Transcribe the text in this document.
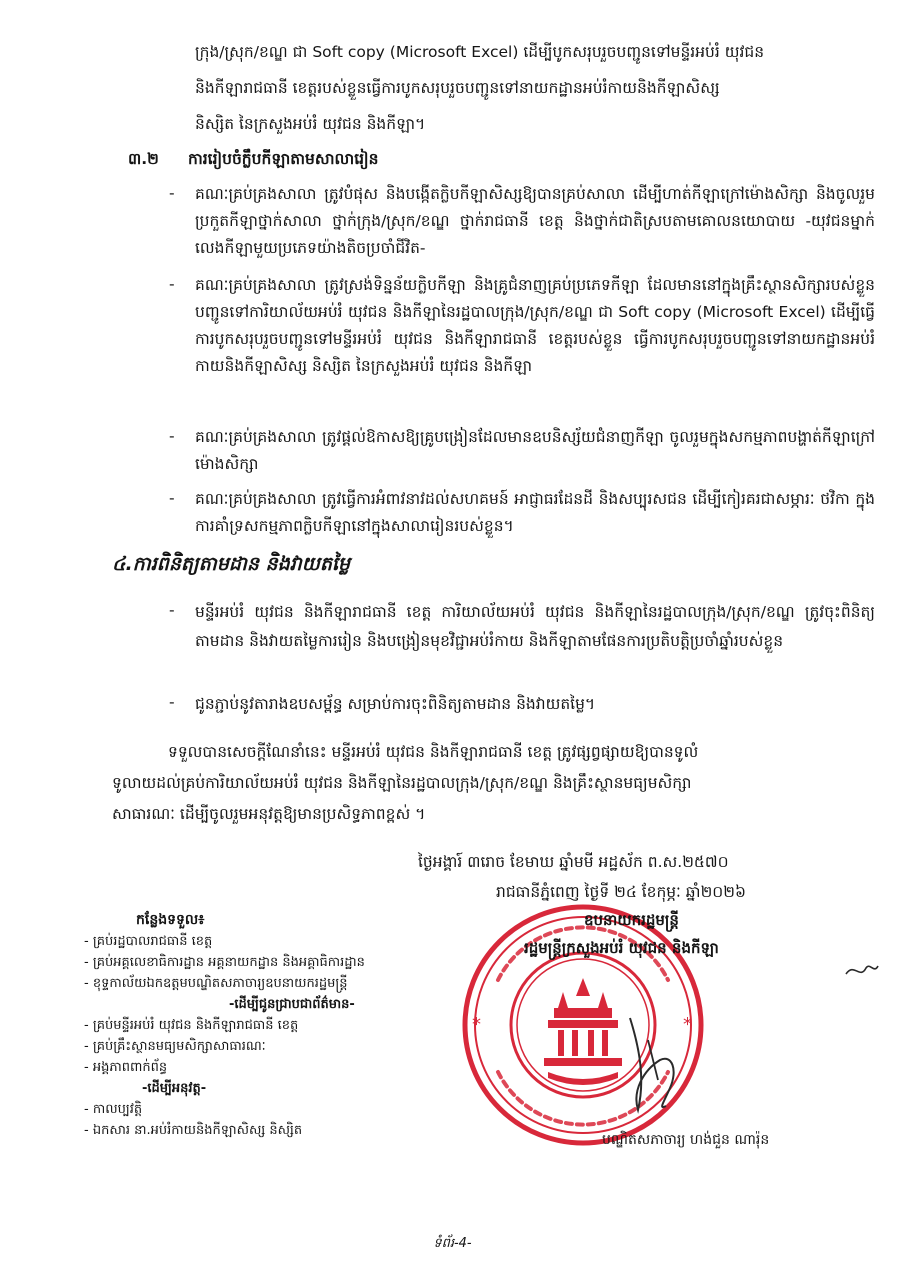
ក្រុង/ស្រុក/ខណ្ឌ ជា Soft copy (Microsoft Excel) ដើម្បីបូកសរុបរួចបញ្ជូនទៅមន្ទីរអប់រំ យុវជន
និងកីឡារាជធានី ខេត្តរបស់ខ្លួនធ្វើការបូកសរុបរួចបញ្ជូនទៅនាយកដ្ឋានអប់រំកាយនិងកីឡាសិស្ស
និស្សិត នៃក្រសួងអប់រំ យុវជន និងកីឡា។
៣.២ ការរៀបចំក្លឹបកីឡាតាមសាលារៀន
- គណៈគ្រប់គ្រងសាលា ត្រូវបំផុស និងបង្កើតក្លិបកីឡាសិស្សឱ្យបានគ្រប់សាលា ដើម្បីហាត់កីឡាក្រៅម៉ោងសិក្សា និងចូលរួមប្រកួតកីឡាថ្នាក់សាលា ថ្នាក់ក្រុង/ស្រុក/ខណ្ឌ ថ្នាក់រាជធានី ខេត្ត និងថ្នាក់ជាតិស្របតាមគោលនយោបាយ -យុវជនម្នាក់លេងកីឡាមួយប្រភេទយ៉ាងតិចប្រចាំជីវិត-
- គណៈគ្រប់គ្រងសាលា ត្រូវស្រង់ទិន្នន័យក្លិបកីឡា និងគ្រូជំនាញគ្រប់ប្រភេទកីឡា ដែលមាននៅក្នុងគ្រឹះស្ថានសិក្សារបស់ខ្លួន បញ្ជូនទៅការិយាល័យអប់រំ យុវជន និងកីឡានៃរដ្ឋបាលក្រុង/ស្រុក/ខណ្ឌ ជា Soft copy (Microsoft Excel) ដើម្បីធ្វើការបូកសរុបរួចបញ្ជូនទៅមន្ទីរអប់រំ យុវជន និងកីឡារាជធានី ខេត្តរបស់ខ្លួន ធ្វើការបូកសរុបរួចបញ្ជូនទៅនាយកដ្ឋានអប់រំកាយនិងកីឡាសិស្ស និស្សិត នៃក្រសួងអប់រំ យុវជន និងកីឡា
- គណៈគ្រប់គ្រងសាលា ត្រូវផ្ដល់ឱកាសឱ្យគ្រូបង្រៀនដែលមានឧបនិស្ស័យជំនាញកីឡា ចូលរួមក្នុងសកម្មភាពបង្ហាត់កីឡាក្រៅម៉ោងសិក្សា
- គណៈគ្រប់គ្រងសាលា ត្រូវធ្វើការអំពាវនាវដល់សហគមន៍ អាជ្ញាធរដែនដី និងសប្បុរសជន ដើម្បីកៀរគរជាសម្ភារៈ ថវិកា ក្នុងការគាំទ្រសកម្មភាពក្លិបកីឡានៅក្នុងសាលារៀនរបស់ខ្លួន។
៤.ការពិនិត្យតាមដាន និងវាយតម្លៃ
- មន្ទីរអប់រំ យុវជន និងកីឡារាជធានី ខេត្ត ការិយាល័យអប់រំ យុវជន និងកីឡានៃរដ្ឋបាលក្រុង/ស្រុក/ខណ្ឌ ត្រូវចុះពិនិត្យតាមដាន និងវាយតម្លៃការរៀន និងបង្រៀនមុខវិជ្ជាអប់រំកាយ និងកីឡាតាមផែនការប្រតិបត្តិប្រចាំឆ្នាំរបស់ខ្លួន
- ជូនភ្ជាប់នូវតារាងឧបសម្ព័ន្ធ សម្រាប់ការចុះពិនិត្យតាមដាន និងវាយតម្លៃ។
ទទួលបានសេចក្តីណែនាំនេះ មន្ទីរអប់រំ យុវជន និងកីឡារាជធានី ខេត្ត ត្រូវផ្សព្វផ្សាយឱ្យបានទូលំ
ទូលាយដល់គ្រប់ការិយាល័យអប់រំ យុវជន និងកីឡានៃរដ្ឋបាលក្រុង/ស្រុក/ខណ្ឌ និងគ្រឹះស្ថានមធ្យមសិក្សា
សាធារណៈ ដើម្បីចូលរួមអនុវត្តឱ្យមានប្រសិទ្ធភាពខ្ពស់ ។
ថ្ងៃអង្គារ៍ ៣រោច ខែមាឃ ឆ្នាំមមី អដ្ឋស័ក ព.ស.២៥៧០
រាជធានីភ្នំពេញ ថ្ងៃទី ២៤ ខែកុម្ភៈ ឆ្នាំ២០២៦
*	*
ឧបនាយករដ្ឋមន្ត្រី
រដ្ឋមន្ត្រីក្រសួងអប់រំ យុវជន និងកីឡា
បណ្ឌិតសភាចារ្យ ហង់ជួន ណារ៉ុន
កន្លែងទទួល៖
- គ្រប់រដ្ឋបាលរាជធានី ខេត្ត
- គ្រប់អគ្គលេខាធិការដ្ឋាន អគ្គនាយកដ្ឋាន និងអគ្គាធិការដ្ឋាន
- ខុទ្ទកាល័យឯកឧត្តមបណ្ឌិតសភាចារ្យឧបនាយករដ្ឋមន្ត្រី
-ដើម្បីជូនជ្រាបជាព័ត៌មាន-
- គ្រប់មន្ទីរអប់រំ យុវជន និងកីឡារាជធានី ខេត្ត
- គ្រប់គ្រឹះស្ថានមធ្យមសិក្សាសាធារណៈ
- អង្គភាពពាក់ព័ន្ធ
-ដើម្បីអនុវត្ត-
- កាលប្បវត្តិ
- ឯកសារ នា.អប់រំកាយនិងកីឡាសិស្ស និស្សិត
ទំព័រ-4-
